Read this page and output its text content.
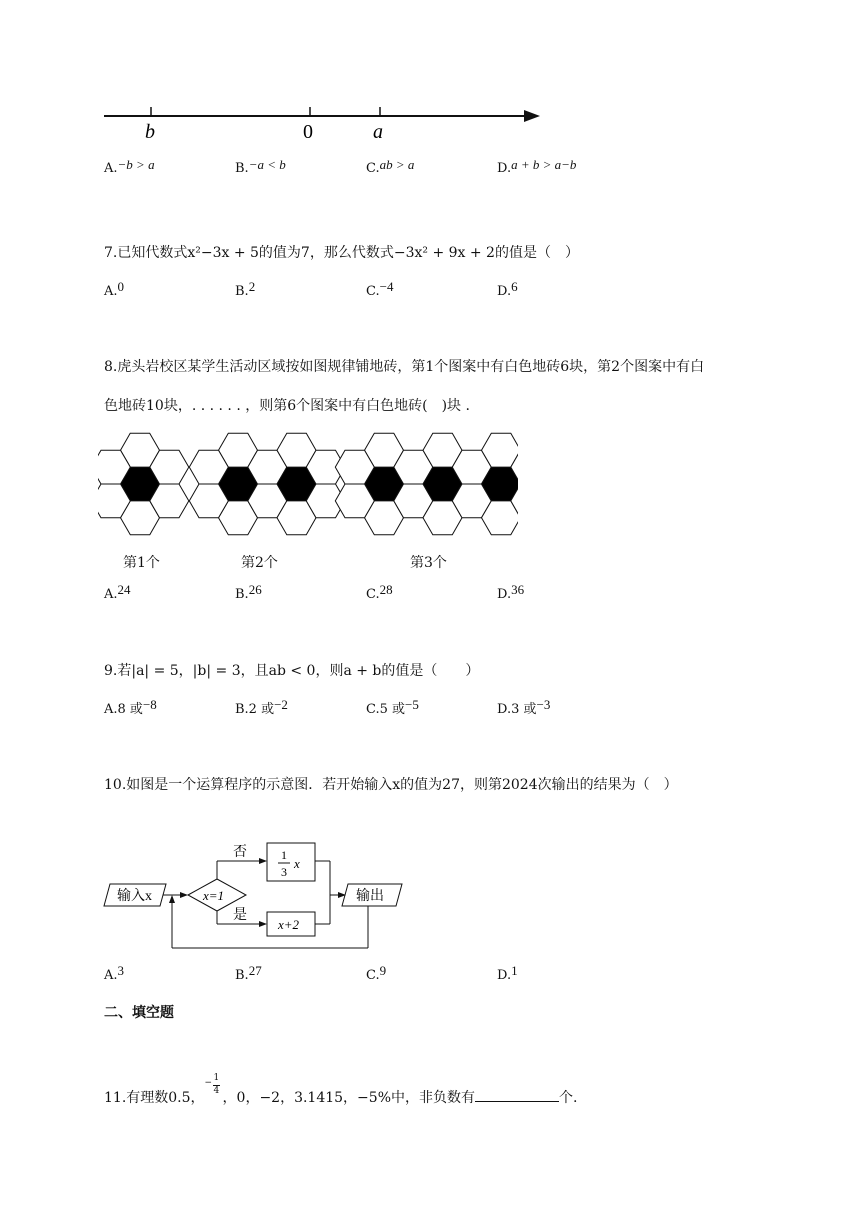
b	0	a
A.−b > a	B.−a < b	C.ab > a	D.a + b > a−b
7.已知代数式x²−3x + 5的值为7，那么代数式−3x² + 9x + 2的值是（　）
A.0	B.2	C.−4	D.6
8.虎头岩校区某学生活动区域按如图规律铺地砖，第1个图案中有白色地砖6块，第2个图案中有白
色地砖10块，. . . . . . ，则第6个图案中有白色地砖(　)块 .
第1个	第2个	第3个
A.24	B.26	C.28	D.36
9.若|a| = 5，|b| = 3，且ab < 0，则a + b的值是（　　）
A.8 或−8	B.2 或−2	C.5 或−5	D.3 或−3
10.如图是一个运算程序的示意图．若开始输入x的值为27，则第2024次输出的结果为（　）
输入x	x=1
否	1
3
x
是
x+2
输出
A.3	B.27	C.9	D.1
二、填空题
11.有理数0.5，
− 1
4 ，0，−2，3.1415，−5%中，非负数有	个.
